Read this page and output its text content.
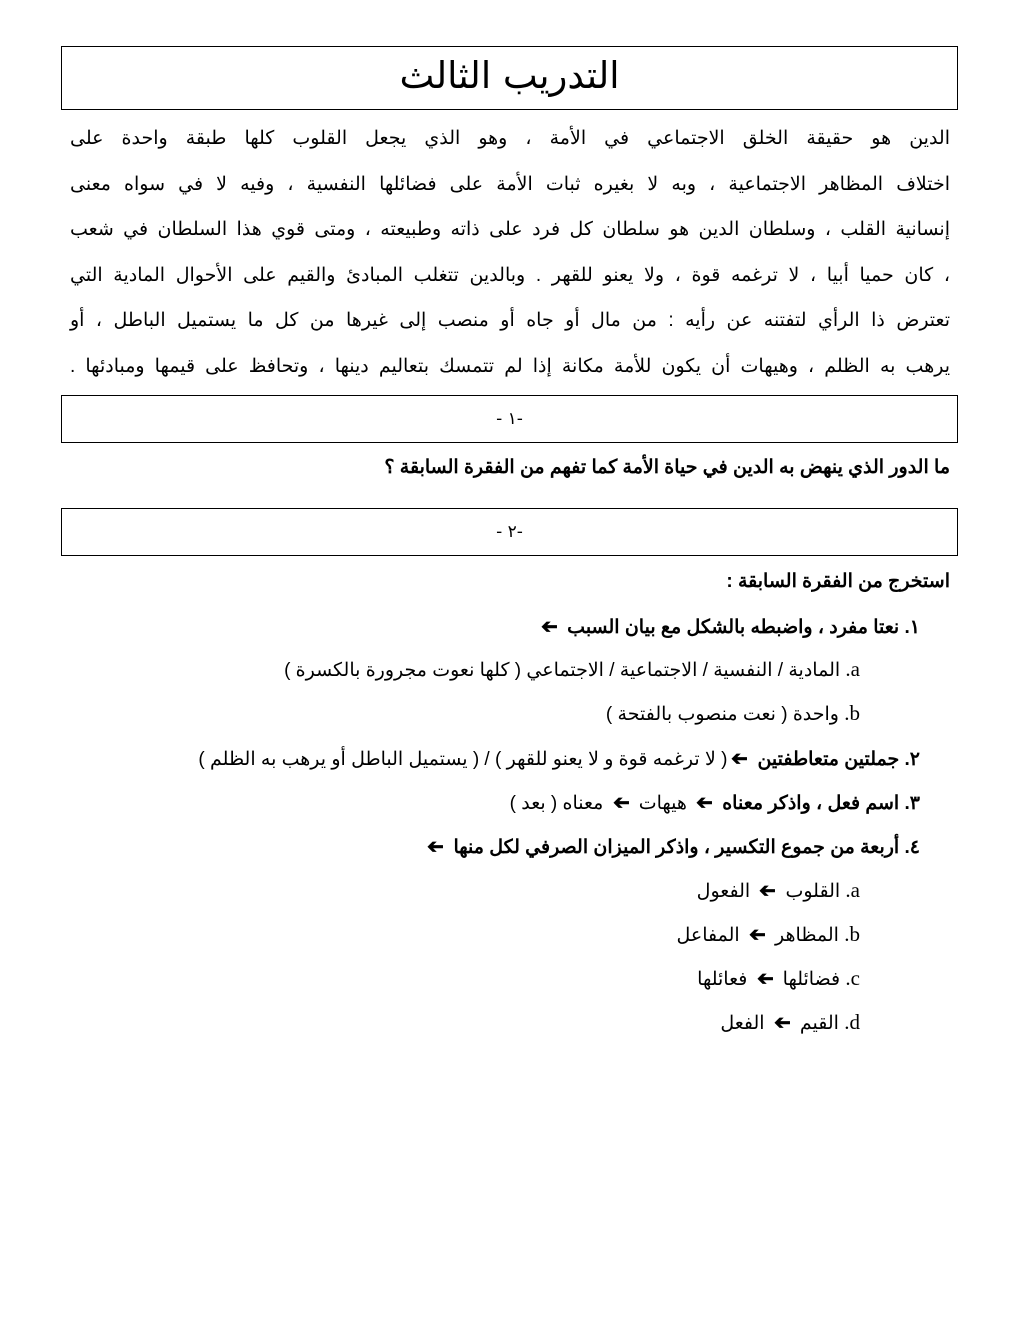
التدريب الثالث
الدين هو حقيقة الخلق الاجتماعي في الأمة ، وهو الذي يجعل القلوب كلها طبقة واحدة على
اختلاف المظاهر الاجتماعية ، وبه لا بغيره ثبات الأمة على فضائلها النفسية ، وفيه لا في سواه معنى
إنسانية القلب ، وسلطان الدين هو سلطان كل فرد على ذاته وطبيعته ، ومتى قوي هذا السلطان في شعب
، كان حميا أبيا ، لا ترغمه قوة ، ولا يعنو للقهر . وبالدين تتغلب المبادئ والقيم على الأحوال المادية التي
تعترض ذا الرأي لتفتنه عن رأيه : من مال أو جاه أو منصب إلى غيرها من كل ما يستميل الباطل ، أو
يرهب به الظلم ، وهيهات أن يكون للأمة مكانة إذا لم تتمسك بتعاليم دينها ، وتحافظ على قيمها ومبادئها .
-١ -
ما الدور الذي ينهض به الدين في حياة الأمة كما تفهم من الفقرة السابقة ؟
-٢ -
استخرج من الفقرة السابقة :
١. نعتا مفرد ، واضبطه بالشكل مع بيان السبب ➔
a. المادية / النفسية / الاجتماعية / الاجتماعي ( كلها نعوت مجرورة بالكسرة )
b. واحدة ( نعت منصوب بالفتحة )
٢. جملتين متعاطفتين ➔( لا ترغمه قوة و لا يعنو للقهر ) / ( يستميل الباطل أو يرهب به الظلم )
٣. اسم فعل ، واذكر معناه ➔ هيهات ➔ معناه ( بعد )
٤. أربعة من جموع التكسير ، واذكر الميزان الصرفي لكل منها ➔
a. القلوب ➔ الفعول
b. المظاهر ➔ المفاعل
c. فضائلها ➔ فعائلها
d. القيم ➔ الفعل
